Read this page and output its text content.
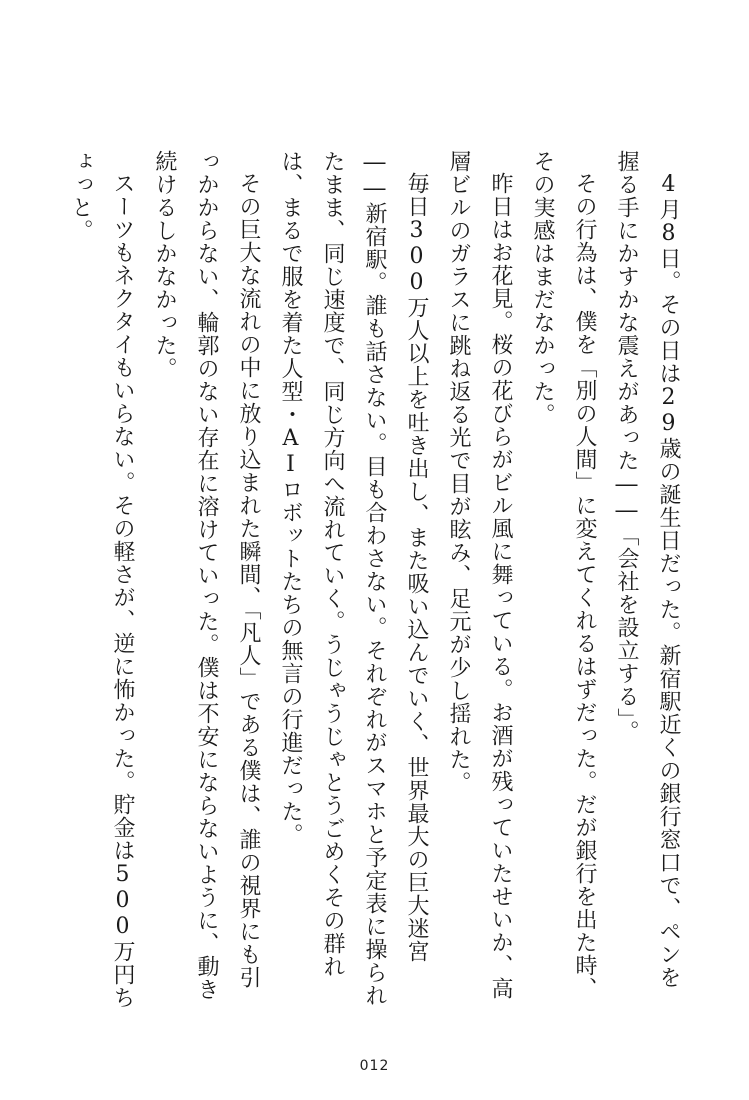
4月8日。その日は29歳の誕生日だった。新宿駅近くの銀行窓口で、ペンを握る手にかすかな震えがあった――「会社を設立する」。

その行為は、僕を「別の人間」に変えてくれるはずだった。だが銀行を出た時、その実感はまだなかった。

昨日はお花見。桜の花びらがビル風に舞っている。お酒が残っていたせいか、高層ビルのガラスに跳ね返る光で目が眩み、足元が少し揺れた。

毎日300万人以上を吐き出し、また吸い込んでいく、世界最大の巨大迷宮――新宿駅。誰も話さない。目も合わさない。それぞれがスマホと予定表に操られたまま、同じ速度で、同じ方向へ流れていく。うじゃうじゃとうごめくその群れは、まるで服を着た人型・AIロボットたちの無言の行進だった。

その巨大な流れの中に放り込まれた瞬間、「凡人」である僕は、誰の視界にも引っかからない、輪郭のない存在に溶けていった。僕は不安にならないように、動き続けるしかなかった。

スーツもネクタイもいらない。その軽さが、逆に怖かった。貯金は500万円ちょっと。

012
